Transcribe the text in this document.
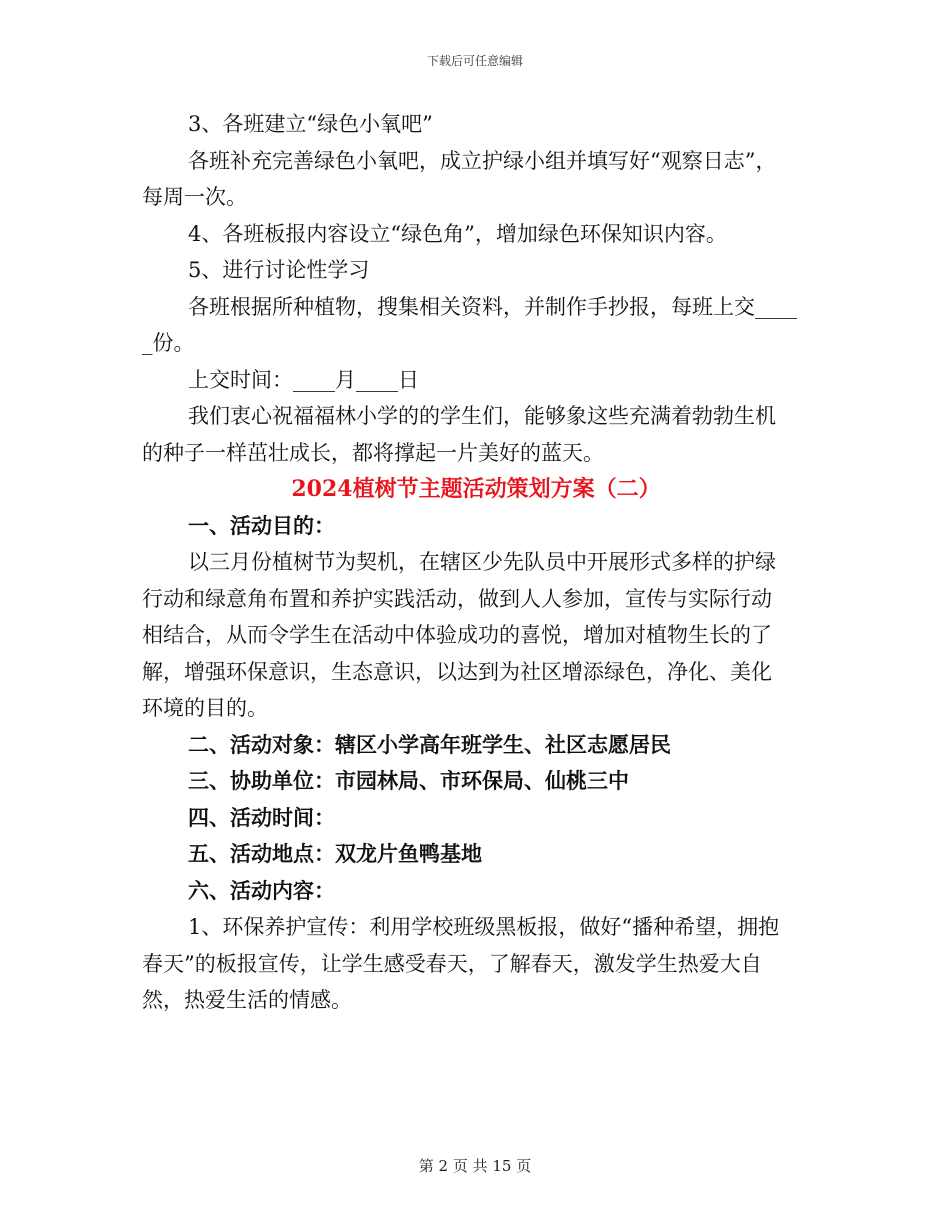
下载后可任意编辑
3、各班建立“绿色小氧吧”
各班补充完善绿色小氧吧，成立护绿小组并填写好“观察日志”，
每周一次。
4、各班板报内容设立“绿色角”，增加绿色环保知识内容。
5、进行讨论性学习
各班根据所种植物，搜集相关资料，并制作手抄报，每班上交____
_份。
上交时间：____月____日
我们衷心祝福福林小学的的学生们，能够象这些充满着勃勃生机
的种子一样茁壮成长，都将撑起一片美好的蓝天。
2024植树节主题活动策划方案（二）
一、活动目的：
以三月份植树节为契机，在辖区少先队员中开展形式多样的护绿
行动和绿意角布置和养护实践活动，做到人人参加，宣传与实际行动
相结合，从而令学生在活动中体验成功的喜悦，增加对植物生长的了
解，增强环保意识，生态意识，以达到为社区增添绿色，净化、美化
环境的目的。
二、活动对象：辖区小学高年班学生、社区志愿居民
三、协助单位：市园林局、市环保局、仙桃三中
四、活动时间：
五、活动地点：双龙片鱼鸭基地
六、活动内容：
1、环保养护宣传：利用学校班级黑板报，做好“播种希望，拥抱
春天”的板报宣传，让学生感受春天，了解春天，激发学生热爱大自
然，热爱生活的情感。
第 2 页 共 15 页
